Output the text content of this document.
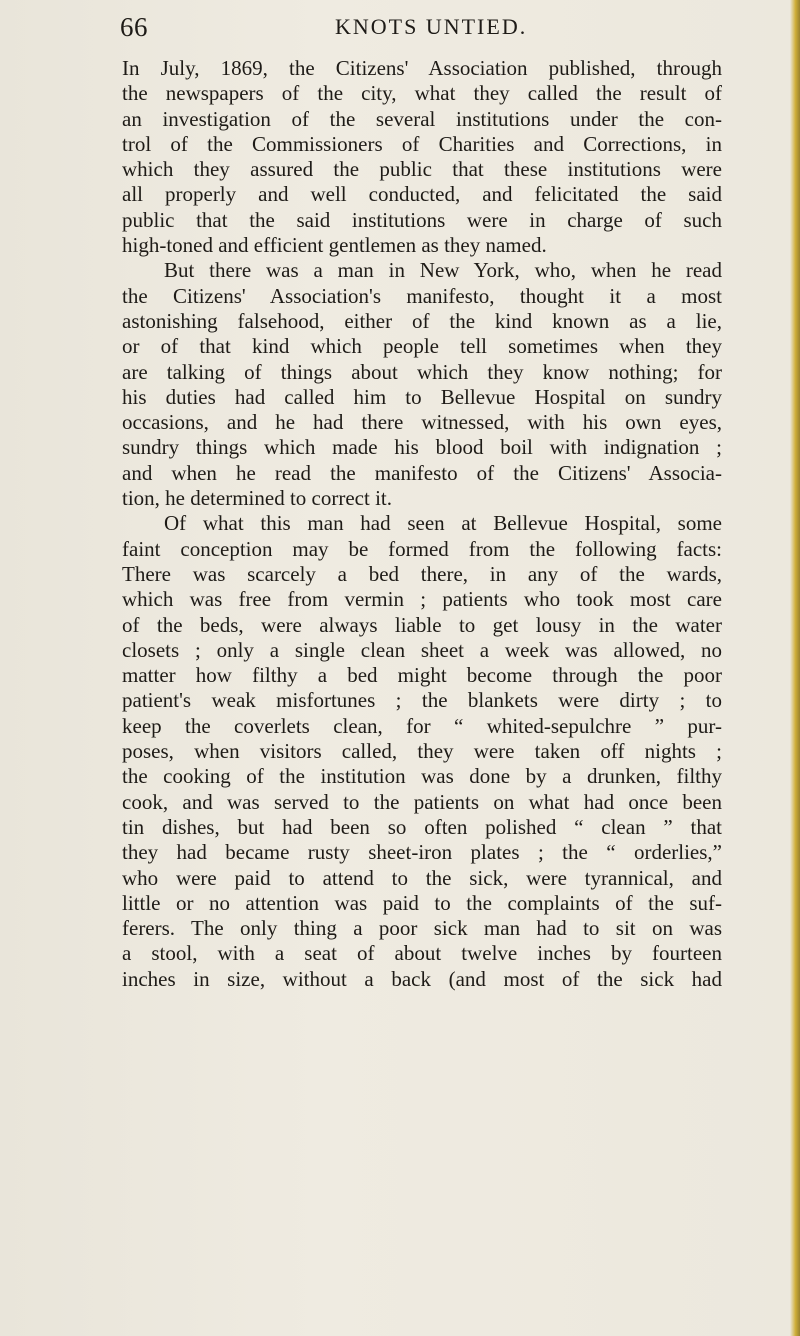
66	KNOTS UNTIED.
In July, 1869, the Citizens' Association published, through
the newspapers of the city, what they called the result of
an investigation of the several institutions under the con-
trol of the Commissioners of Charities and Corrections, in
which they assured the public that these institutions were
all properly and well conducted, and felicitated the said
public that the said institutions were in charge of such
high-toned and efficient gentlemen as they named.
But there was a man in New York, who, when he read
the Citizens' Association's manifesto, thought it a most
astonishing falsehood, either of the kind known as a lie,
or of that kind which people tell sometimes when they
are talking of things about which they know nothing; for
his duties had called him to Bellevue Hospital on sundry
occasions, and he had there witnessed, with his own eyes,
sundry things which made his blood boil with indignation ;
and when he read the manifesto of the Citizens' Associa-
tion, he determined to correct it.
Of what this man had seen at Bellevue Hospital, some
faint conception may be formed from the following facts:
There was scarcely a bed there, in any of the wards,
which was free from vermin ; patients who took most care
of the beds, were always liable to get lousy in the water
closets ; only a single clean sheet a week was allowed, no
matter how filthy a bed might become through the poor
patient's weak misfortunes ; the blankets were dirty ; to
keep the coverlets clean, for “ whited-sepulchre ” pur-
poses, when visitors called, they were taken off nights ;
the cooking of the institution was done by a drunken, filthy
cook, and was served to the patients on what had once been
tin dishes, but had been so often polished “ clean ” that
they had became rusty sheet-iron plates ; the “ orderlies,”
who were paid to attend to the sick, were tyrannical, and
little or no attention was paid to the complaints of the suf-
ferers. The only thing a poor sick man had to sit on was
a stool, with a seat of about twelve inches by fourteen
inches in size, without a back (and most of the sick had
